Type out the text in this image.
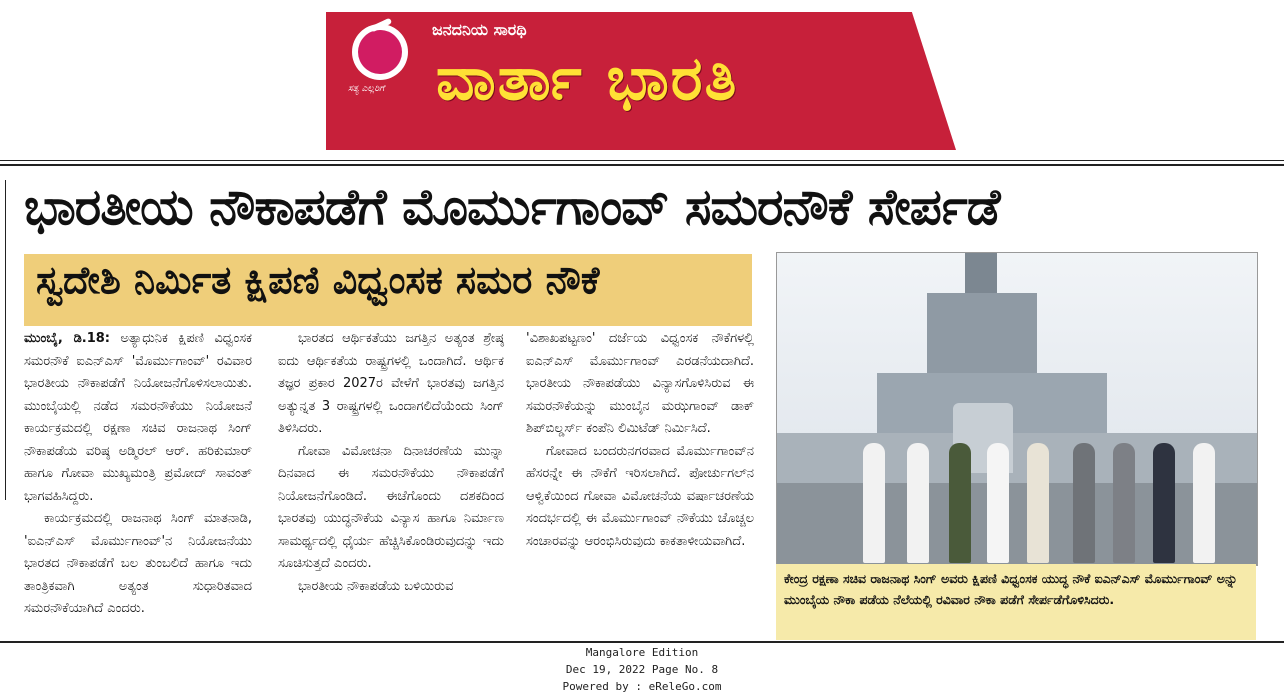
ಸತ್ಯ ಎಲ್ಲರಿಗೆ
ಜನದನಿಯ ಸಾರಥಿ
ವಾರ್ತಾ ಭಾರತಿ
ಭಾರತೀಯ ನೌಕಾಪಡೆಗೆ ಮೊರ್ಮುಗಾಂವ್ ಸಮರನೌಕೆ ಸೇರ್ಪಡೆ
ಸ್ವದೇಶಿ ನಿರ್ಮಿತ ಕ್ಷಿಪಣಿ ವಿಧ್ವಂಸಕ ಸಮರ ನೌಕೆ

ಮುಂಬೈ, ಡಿ.18: ಅತ್ಯಾಧುನಿಕ ಕ್ಷಿಪಣಿ ವಿಧ್ವಂಸಕ ಸಮರನೌಕೆ ಐಎನ್‌ಎಸ್ 'ಮೊರ್ಮುಗಾಂವ್' ರವಿವಾರ ಭಾರತೀಯ ನೌಕಾಪಡೆಗೆ ನಿಯೋಜನೆಗೊಳಿಸಲಾಯಿತು. ಮುಂಬೈಯಲ್ಲಿ ನಡೆದ ಸಮರನೌಕೆಯು ನಿಯೋಜನೆ ಕಾರ್ಯಕ್ರಮದಲ್ಲಿ ರಕ್ಷಣಾ ಸಚಿವ ರಾಜನಾಥ ಸಿಂಗ್ ನೌಕಾಪಡೆಯ ವರಿಷ್ಠ ಅಡ್ಮಿರಲ್ ಆರ್. ಹರಿಕುಮಾರ್ ಹಾಗೂ ಗೋವಾ ಮುಖ್ಯಮಂತ್ರಿ ಪ್ರಮೋದ್ ಸಾವಂತ್ ಭಾಗವಹಿಸಿದ್ದರು.

ಕಾರ್ಯಕ್ರಮದಲ್ಲಿ ರಾಜನಾಥ ಸಿಂಗ್ ಮಾತನಾಡಿ, 'ಐಎನ್‌ಎಸ್ ಮೊರ್ಮುಗಾಂವ್'ನ ನಿಯೋಜನೆಯು ಭಾರತದ ನೌಕಾಪಡೆಗೆ ಬಲ ತುಂಬಲಿದೆ ಹಾಗೂ ಇದು ತಾಂತ್ರಿಕವಾಗಿ ಅತ್ಯಂತ ಸುಧಾರಿತವಾದ ಸಮರನೌಕೆಯಾಗಿದೆ ಎಂದರು.

ಭಾರತದ ಆರ್ಥಿಕತೆಯು ಜಗತ್ತಿನ ಅತ್ಯಂತ ಶ್ರೇಷ್ಠ ಐದು ಆರ್ಥಿಕತೆಯ ರಾಷ್ಟ್ರಗಳಲ್ಲಿ ಒಂದಾಗಿದೆ. ಆರ್ಥಿಕ ತಜ್ಞರ ಪ್ರಕಾರ 2027ರ ವೇಳೆಗೆ ಭಾರತವು ಜಗತ್ತಿನ ಅತ್ಯುನ್ನತ 3 ರಾಷ್ಟ್ರಗಳಲ್ಲಿ ಒಂದಾಗಲಿದೆಯೆಂದು ಸಿಂಗ್ ತಿಳಿಸಿದರು.

ಗೋವಾ ವಿಮೋಚನಾ ದಿನಾಚರಣೆಯ ಮುನ್ನಾ ದಿನವಾದ ಈ ಸಮರನೌಕೆಯು ನೌಕಾಪಡೆಗೆ ನಿಯೋಜನೆಗೊಂಡಿದೆ. ಈಚೆಗೊಂದು ದಶಕದಿಂದ ಭಾರತವು ಯುದ್ಧನೌಕೆಯ ವಿನ್ಯಾಸ ಹಾಗೂ ನಿರ್ಮಾಣ ಸಾಮರ್ಥ್ಯದಲ್ಲಿ ಧೈರ್ಯ ಹೆಚ್ಚಿಸಿಕೊಂಡಿರುವುದನ್ನು ಇದು ಸೂಚಿಸುತ್ತದೆ ಎಂದರು.

ಭಾರತೀಯ ನೌಕಾಪಡೆಯ ಬಳಿಯಿರುವ

'ವಿಶಾಖಪಟ್ಟಣಂ' ದರ್ಜೆಯ ವಿಧ್ವಂಸಕ ನೌಕೆಗಳಲ್ಲಿ ಐಎನ್‌ಎಸ್ ಮೊರ್ಮುಗಾಂವ್ ಎರಡನೆಯದಾಗಿದೆ. ಭಾರತೀಯ ನೌಕಾಪಡೆಯು ವಿನ್ಯಾಸಗೊಳಿಸಿರುವ ಈ ಸಮರನೌಕೆಯನ್ನು ಮುಂಬೈನ ಮಝಗಾಂವ್ ಡಾಕ್ ಶಿಪ್‌ಬಿಲ್ಡರ್ಸ್ ಕಂಪೆನಿ ಲಿಮಿಟೆಡ್ ನಿರ್ಮಿಸಿದೆ.

ಗೋವಾದ ಬಂದರುನಗರವಾದ ಮೊರ್ಮುಗಾಂವ್‌ನ ಹೆಸರನ್ನೇ ಈ ನೌಕೆಗೆ ಇರಿಸಲಾಗಿದೆ. ಪೋರ್ಚುಗಲ್‌ನ ಆಳ್ವಿಕೆಯಿಂದ ಗೋವಾ ವಿಮೋಚನೆಯ ವರ್ಷಾಚರಣೆಯ ಸಂದರ್ಭದಲ್ಲಿ ಈ ಮೊರ್ಮುಗಾಂವ್ ನೌಕೆಯು ಚೊಚ್ಚಲ ಸಂಚಾರವನ್ನು ಆರಂಭಿಸಿರುವುದು ಕಾಕತಾಳೀಯವಾಗಿದೆ.

ಕೇಂದ್ರ ರಕ್ಷಣಾ ಸಚಿವ ರಾಜನಾಥ ಸಿಂಗ್ ಅವರು ಕ್ಷಿಪಣಿ ವಿಧ್ವಂಸಕ ಯುದ್ಧ ನೌಕೆ ಐಎನ್‌ಎಸ್ ಮೊರ್ಮುಗಾಂವ್ ಅನ್ನು ಮುಂಬೈಯ ನೌಕಾ ಪಡೆಯ ನೆಲೆಯಲ್ಲಿ ರವಿವಾರ ನೌಕಾ ಪಡೆಗೆ ಸೇರ್ಪಡೆಗೊಳಿಸಿದರು.
Mangalore Edition
Dec 19, 2022 Page No. 8
Powered by : eReleGo.com
